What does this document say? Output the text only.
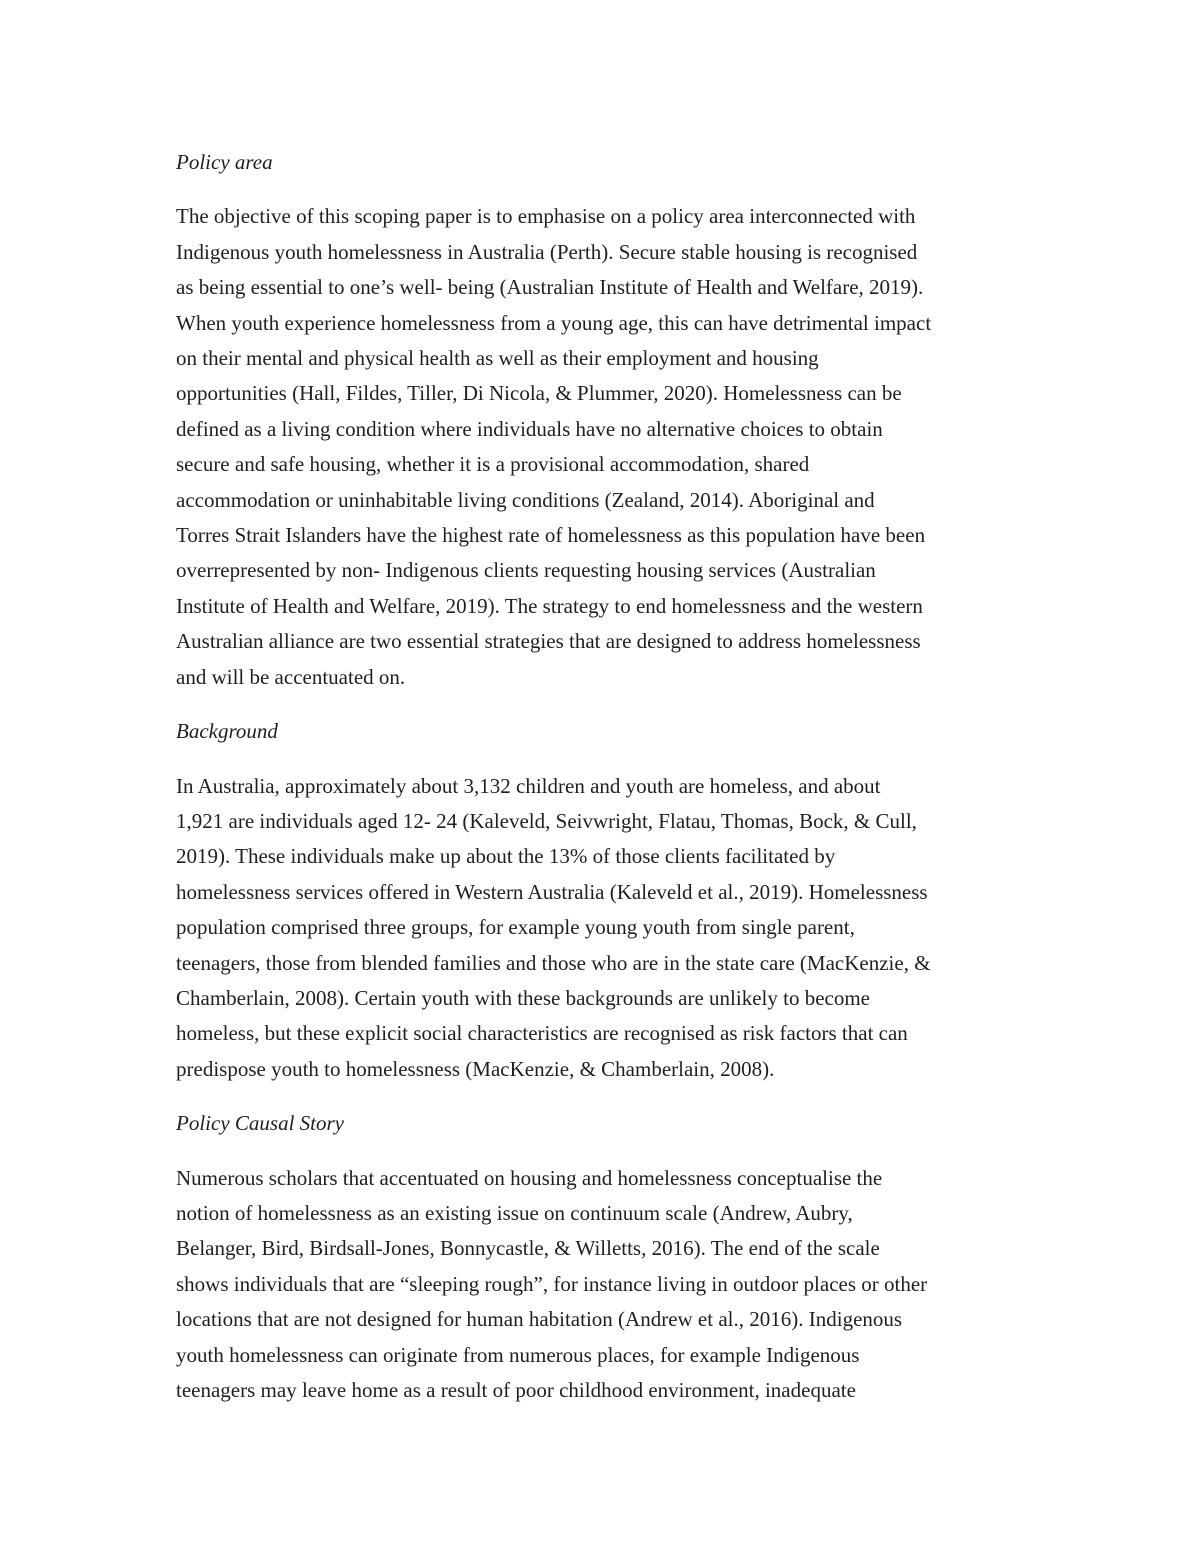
Policy area
The objective of this scoping paper is to emphasise on a policy area interconnected with
Indigenous youth homelessness in Australia (Perth). Secure stable housing is recognised
as being essential to one’s well- being (Australian Institute of Health and Welfare, 2019).
When youth experience homelessness from a young age, this can have detrimental impact
on their mental and physical health as well as their employment and housing
opportunities (Hall, Fildes, Tiller, Di Nicola, & Plummer, 2020). Homelessness can be
defined as a living condition where individuals have no alternative choices to obtain
secure and safe housing, whether it is a provisional accommodation, shared
accommodation or uninhabitable living conditions (Zealand, 2014). Aboriginal and
Torres Strait Islanders have the highest rate of homelessness as this population have been
overrepresented by non- Indigenous clients requesting housing services (Australian
Institute of Health and Welfare, 2019). The strategy to end homelessness and the western
Australian alliance are two essential strategies that are designed to address homelessness
and will be accentuated on.
Background
In Australia, approximately about 3,132 children and youth are homeless, and about
1,921 are individuals aged 12- 24 (Kaleveld, Seivwright, Flatau, Thomas, Bock, & Cull,
2019). These individuals make up about the 13% of those clients facilitated by
homelessness services offered in Western Australia (Kaleveld et al., 2019). Homelessness
population comprised three groups, for example young youth from single parent,
teenagers, those from blended families and those who are in the state care (MacKenzie, &
Chamberlain, 2008). Certain youth with these backgrounds are unlikely to become
homeless, but these explicit social characteristics are recognised as risk factors that can
predispose youth to homelessness (MacKenzie, & Chamberlain, 2008).
Policy Causal Story
Numerous scholars that accentuated on housing and homelessness conceptualise the
notion of homelessness as an existing issue on continuum scale (Andrew, Aubry,
Belanger, Bird, Birdsall-Jones, Bonnycastle, & Willetts, 2016). The end of the scale
shows individuals that are “sleeping rough”, for instance living in outdoor places or other
locations that are not designed for human habitation (Andrew et al., 2016). Indigenous
youth homelessness can originate from numerous places, for example Indigenous
teenagers may leave home as a result of poor childhood environment, inadequate
